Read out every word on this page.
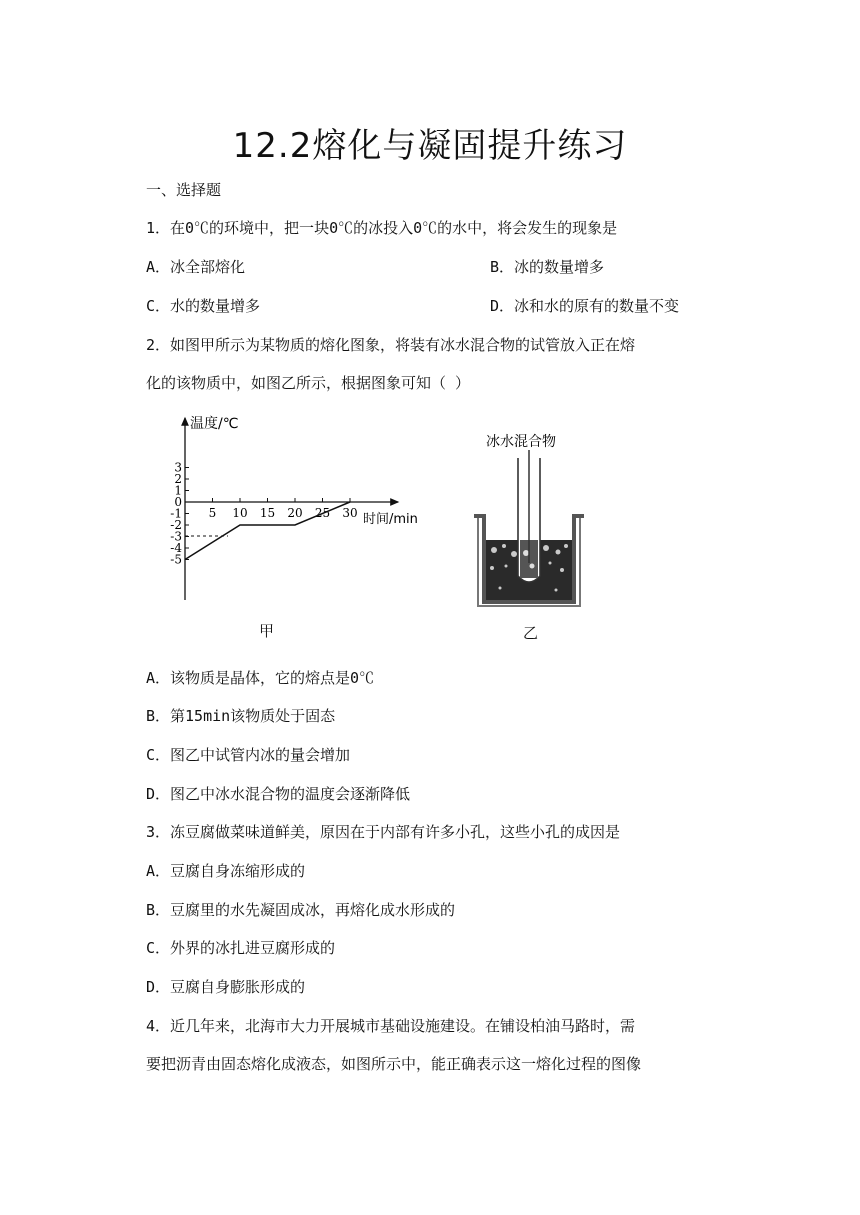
12.2熔化与凝固提升练习
一、选择题
1．在0℃的环境中，把一块0℃的冰投入0℃的水中，将会发生的现象是
A．冰全部熔化	B．冰的数量增多
C．水的数量增多	D．冰和水的原有的数量不变
2．如图甲所示为某物质的熔化图象，将装有冰水混合物的试管放入正在熔
化的该物质中，如图乙所示，根据图象可知（ ）
温度/℃
时间/min
3
2
1
0
-1
-2
-3
-4
-5
5 10 15 20 25 30
甲
冰水混合物
乙
A．该物质是晶体，它的熔点是0℃
B．第15min该物质处于固态
C．图乙中试管内冰的量会增加
D．图乙中冰水混合物的温度会逐渐降低
3．冻豆腐做菜味道鲜美，原因在于内部有许多小孔，这些小孔的成因是
A．豆腐自身冻缩形成的
B．豆腐里的水先凝固成冰，再熔化成水形成的
C．外界的冰扎进豆腐形成的
D．豆腐自身膨胀形成的
4．近几年来，北海市大力开展城市基础设施建设。在铺设柏油马路时，需
要把沥青由固态熔化成液态，如图所示中，能正确表示这一熔化过程的图像
